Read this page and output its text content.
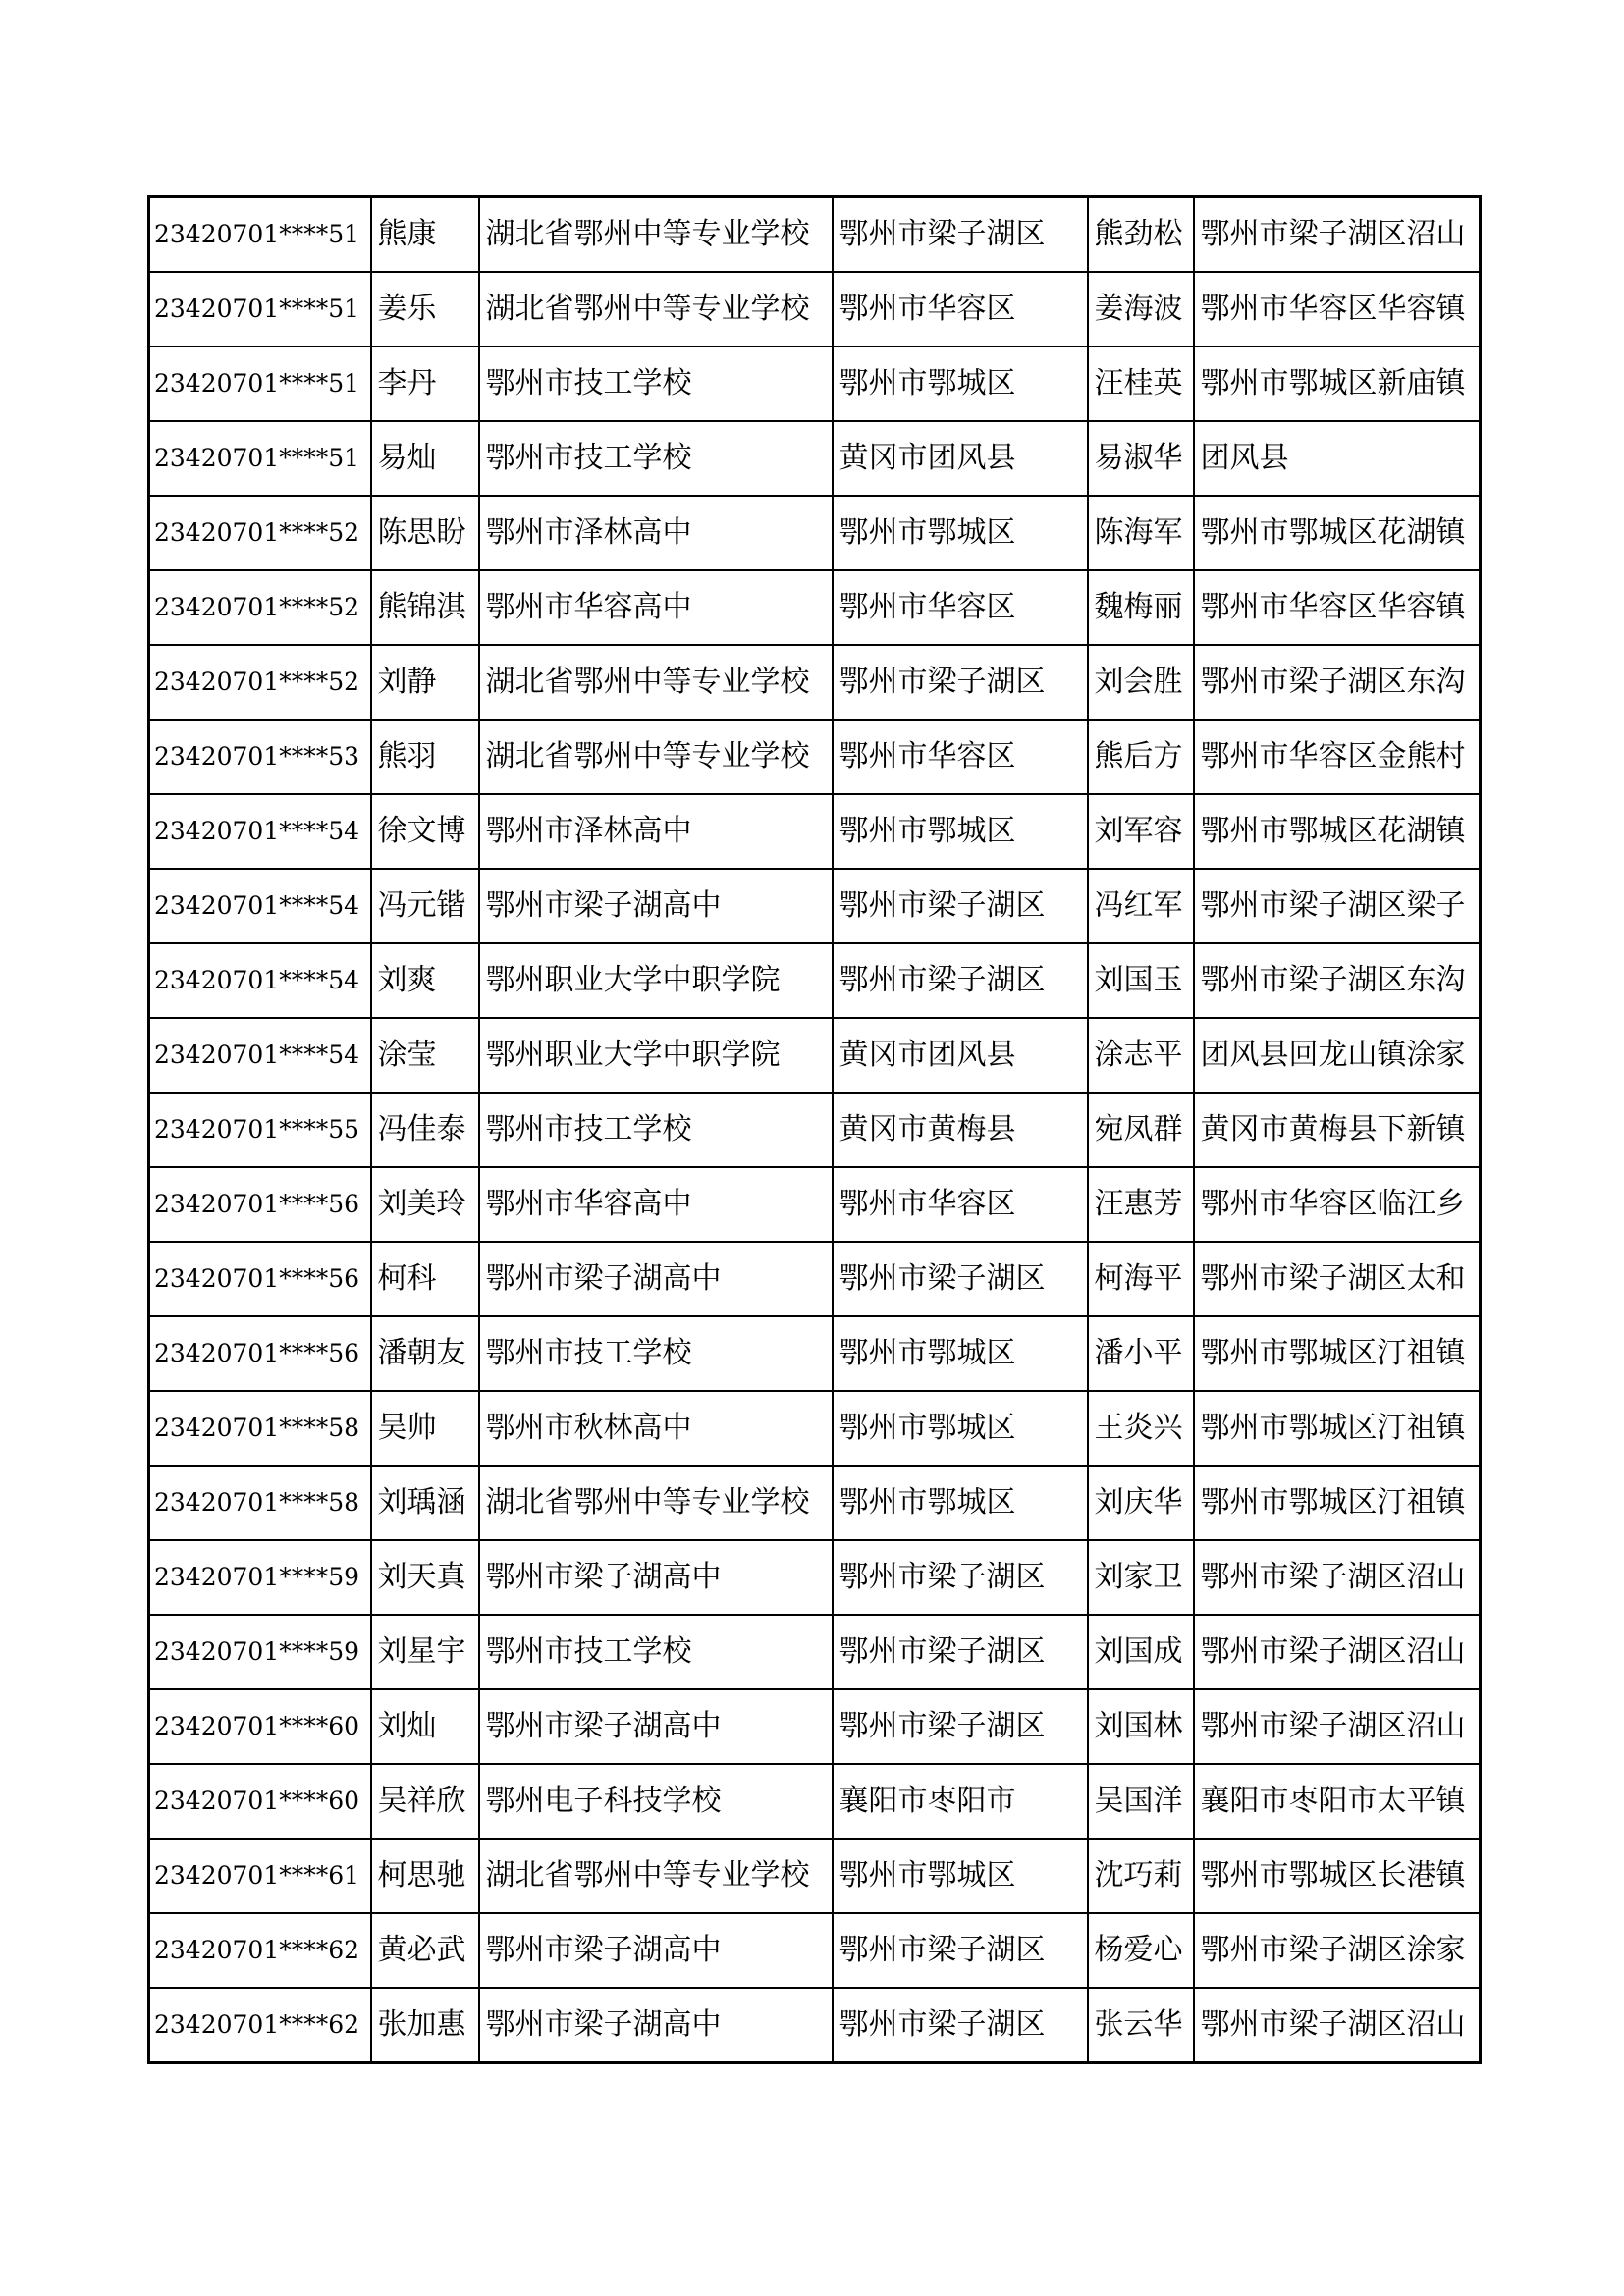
23420701****51	熊康	湖北省鄂州中等专业学校	鄂州市梁子湖区	熊劲松	鄂州市梁子湖区沼山
23420701****51	姜乐	湖北省鄂州中等专业学校	鄂州市华容区	姜海波	鄂州市华容区华容镇
23420701****51	李丹	鄂州市技工学校	鄂州市鄂城区	汪桂英	鄂州市鄂城区新庙镇
23420701****51	易灿	鄂州市技工学校	黄冈市团风县	易淑华	团风县
23420701****52	陈思盼	鄂州市泽林高中	鄂州市鄂城区	陈海军	鄂州市鄂城区花湖镇
23420701****52	熊锦淇	鄂州市华容高中	鄂州市华容区	魏梅丽	鄂州市华容区华容镇
23420701****52	刘静	湖北省鄂州中等专业学校	鄂州市梁子湖区	刘会胜	鄂州市梁子湖区东沟
23420701****53	熊羽	湖北省鄂州中等专业学校	鄂州市华容区	熊后方	鄂州市华容区金熊村
23420701****54	徐文博	鄂州市泽林高中	鄂州市鄂城区	刘军容	鄂州市鄂城区花湖镇
23420701****54	冯元锴	鄂州市梁子湖高中	鄂州市梁子湖区	冯红军	鄂州市梁子湖区梁子
23420701****54	刘爽	鄂州职业大学中职学院	鄂州市梁子湖区	刘国玉	鄂州市梁子湖区东沟
23420701****54	涂莹	鄂州职业大学中职学院	黄冈市团风县	涂志平	团风县回龙山镇涂家
23420701****55	冯佳泰	鄂州市技工学校	黄冈市黄梅县	宛凤群	黄冈市黄梅县下新镇
23420701****56	刘美玲	鄂州市华容高中	鄂州市华容区	汪惠芳	鄂州市华容区临江乡
23420701****56	柯科	鄂州市梁子湖高中	鄂州市梁子湖区	柯海平	鄂州市梁子湖区太和
23420701****56	潘朝友	鄂州市技工学校	鄂州市鄂城区	潘小平	鄂州市鄂城区汀祖镇
23420701****58	吴帅	鄂州市秋林高中	鄂州市鄂城区	王炎兴	鄂州市鄂城区汀祖镇
23420701****58	刘瑀涵	湖北省鄂州中等专业学校	鄂州市鄂城区	刘庆华	鄂州市鄂城区汀祖镇
23420701****59	刘天真	鄂州市梁子湖高中	鄂州市梁子湖区	刘家卫	鄂州市梁子湖区沼山
23420701****59	刘星宇	鄂州市技工学校	鄂州市梁子湖区	刘国成	鄂州市梁子湖区沼山
23420701****60	刘灿	鄂州市梁子湖高中	鄂州市梁子湖区	刘国林	鄂州市梁子湖区沼山
23420701****60	吴祥欣	鄂州电子科技学校	襄阳市枣阳市	吴国洋	襄阳市枣阳市太平镇
23420701****61	柯思驰	湖北省鄂州中等专业学校	鄂州市鄂城区	沈巧莉	鄂州市鄂城区长港镇
23420701****62	黄必武	鄂州市梁子湖高中	鄂州市梁子湖区	杨爱心	鄂州市梁子湖区涂家
23420701****62	张加惠	鄂州市梁子湖高中	鄂州市梁子湖区	张云华	鄂州市梁子湖区沼山
